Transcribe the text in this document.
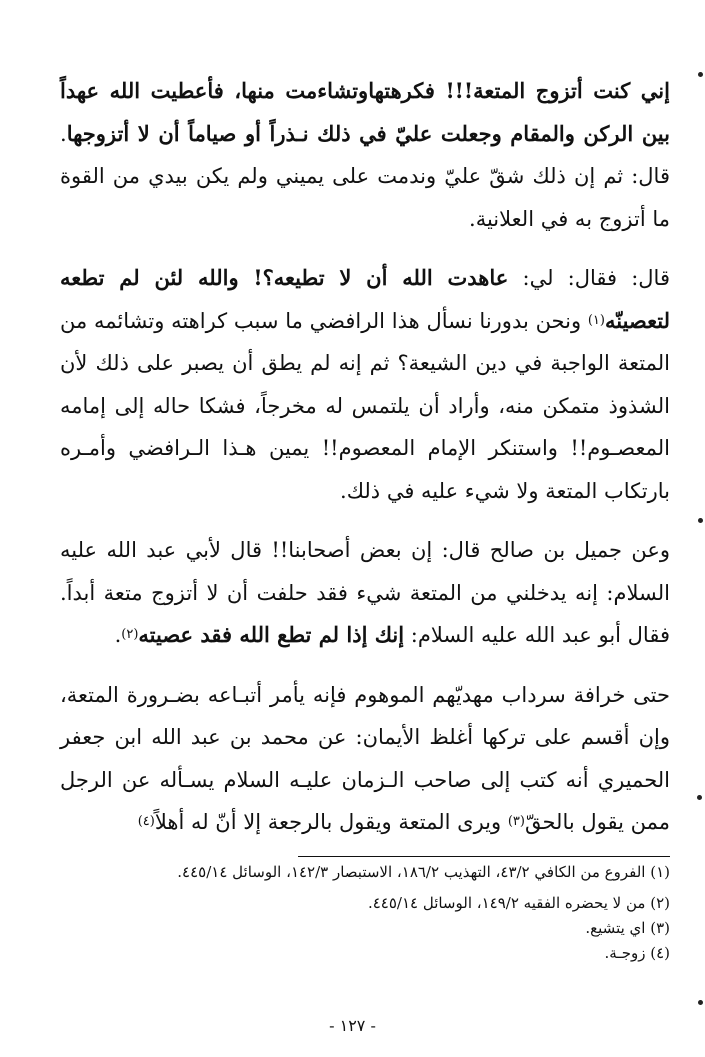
إني كنت أتزوج المتعة!!! فكرهتهاوتشاءمت منها، فأعطيت الله عهداً بين الركن والمقام وجعلت عليّ في ذلك نـذراً أو صياماً أن لا أتزوجها. قال: ثم إن ذلك شقّ عليّ وندمت على يميني ولم يكن بيدي من القوة ما أتزوج به في العلانية.

قال: فقال: لي: عاهدت الله أن لا تطيعه؟! والله لئن لم تطعه لتعصينّه(١) ونحن بدورنا نسأل هذا الرافضي ما سبب كراهته وتشائمه من المتعة الواجبة في دين الشيعة؟ ثم إنه لم يطق أن يصبر على ذلك لأن الشذوذ متمكن منه، وأراد أن يلتمس له مخرجاً، فشكا حاله إلى إمامه المعصـوم!! واستنكر الإمام المعصوم!! يمين هـذا الـرافضي وأمـره بارتكاب المتعة ولا شيء عليه في ذلك.

وعن جميل بن صالح قال: إن بعض أصحابنا!! قال لأبي عبد الله عليه السلام: إنه يدخلني من المتعة شيء فقد حلفت أن لا أتزوج متعة أبداً. فقال أبو عبد الله عليه السلام: إنك إذا لم تطع الله فقد عصيته(٢).

حتى خرافة سرداب مهديّهم الموهوم فإنه يأمر أتبـاعه بضـرورة المتعة، وإن أقسم على تركها أغلظ الأيمان: عن محمد بن عبد الله ابن جعفر الحميري أنه كتب إلى صاحب الـزمان عليـه السلام يسـأله عن الرجل ممن يقول بالحقّ(٣) ويرى المتعة ويقول بالرجعة إلا أنّ له أهلاً(٤)

(١) الفروع من الكافي ٤٣/٢، التهذيب ١٨٦/٢، الاستبصار ١٤٢/٣، الوسائل ٤٤٥/١٤.

(٢) من لا يحضره الفقيه ١٤٩/٢، الوسائل ٤٤٥/١٤.

(٣) اي يتشيع.

(٤) زوجـة.

- ١٢٧ -
